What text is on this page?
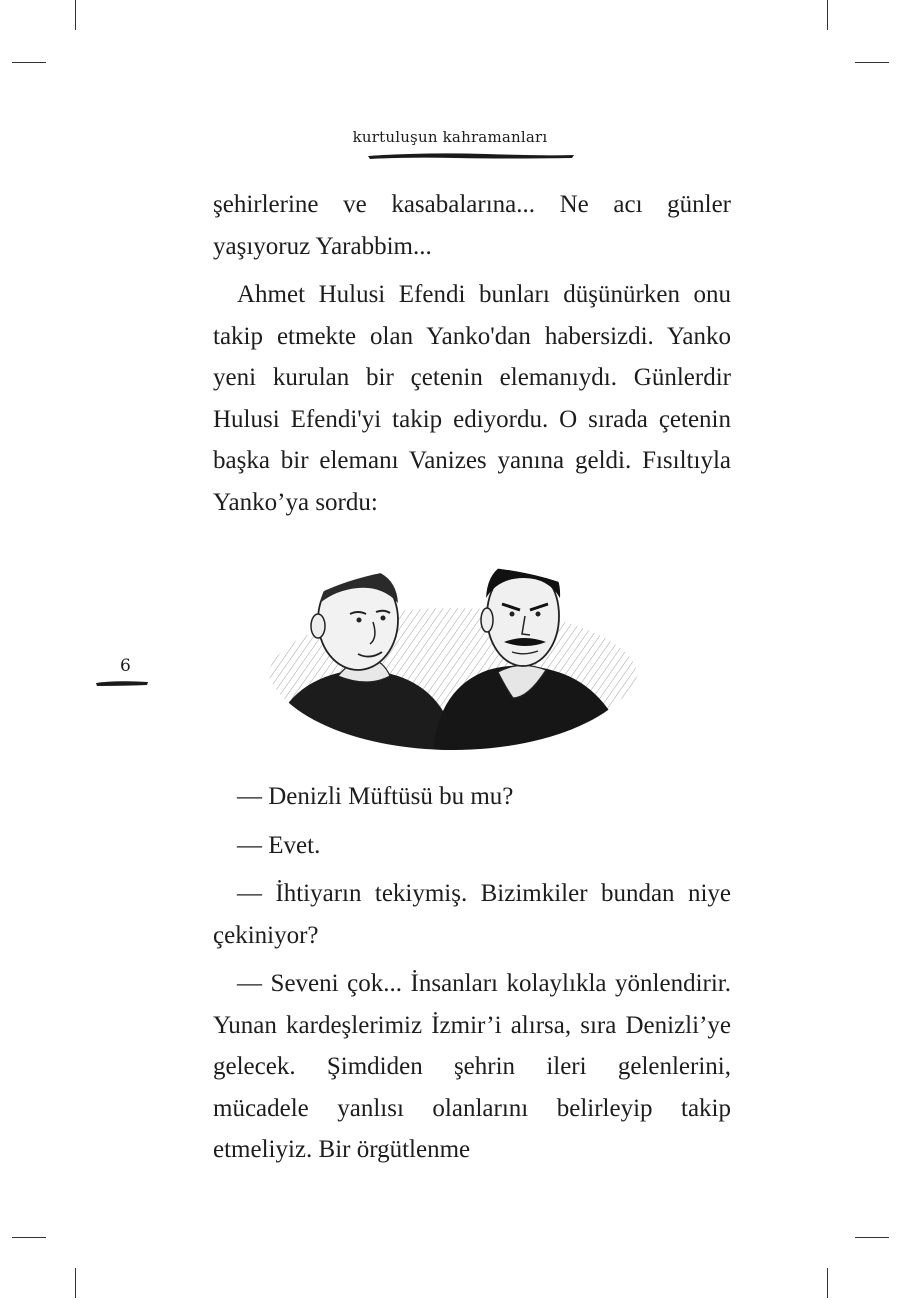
kurtuluşun kahramanları
6

şehirlerine ve kasabalarına... Ne acı günler yaşıyoruz Yarabbim...

Ahmet Hulusi Efendi bunları düşünürken onu takip etmekte olan Yanko'dan habersizdi. Yanko yeni kurulan bir çetenin elemanıydı. Günlerdir Hulusi Efendi'yi takip ediyordu. O sırada çetenin başka bir elemanı Vanizes yanına geldi. Fısıltıyla Yanko’ya sordu:

— Denizli Müftüsü bu mu?

— Evet.

— İhtiyarın tekiymiş. Bizimkiler bundan niye çekiniyor?

— Seveni çok... İnsanları kolaylıkla yönlendirir. Yunan kardeşlerimiz İzmir’i alırsa, sıra Denizli’ye gelecek. Şimdiden şehrin ileri gelenlerini, mücadele yanlısı olanlarını belirleyip takip etmeliyiz. Bir örgütlenme
